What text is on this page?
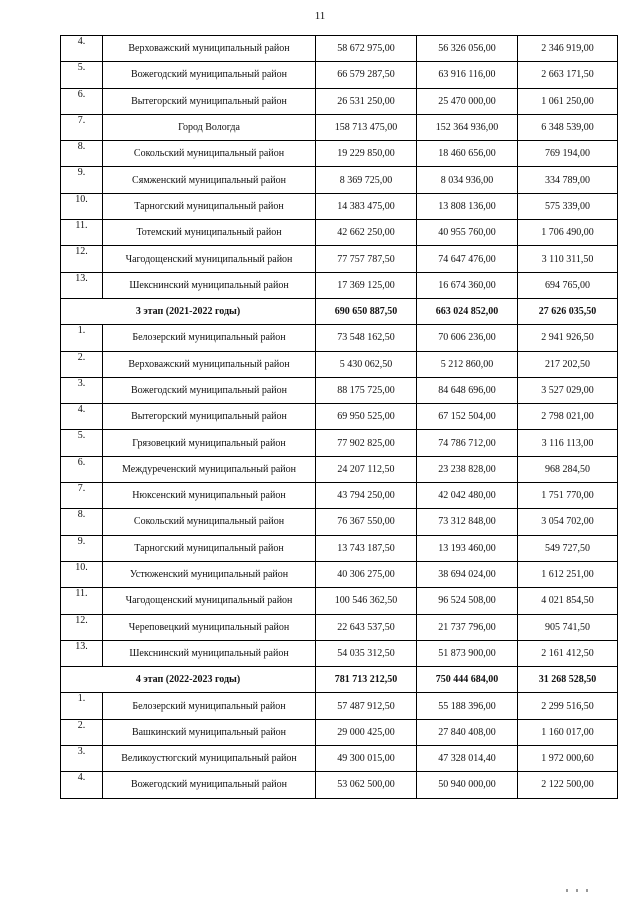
11
4.	Верховажский муниципальный район	58 672 975,00	56 326 056,00	2 346 919,00
5.	Вожегодский муниципальный район	66 579 287,50	63 916 116,00	2 663 171,50
6.	Вытегорский муниципальный район	26 531 250,00	25 470 000,00	1 061 250,00
7.	Город Вологда	158 713 475,00	152 364 936,00	6 348 539,00
8.	Сокольский муниципальный район	19 229 850,00	18 460 656,00	769 194,00
9.	Сямженский муниципальный район	8 369 725,00	8 034 936,00	334 789,00
10.	Тарногский муниципальный район	14 383 475,00	13 808 136,00	575 339,00
11.	Тотемский муниципальный район	42 662 250,00	40 955 760,00	1 706 490,00
12.	Чагодощенский муниципальный район	77 757 787,50	74 647 476,00	3 110 311,50
13.	Шекснинский муниципальный район	17 369 125,00	16 674 360,00	694 765,00
3 этап (2021-2022 годы)		690 650 887,50	663 024 852,00	27 626 035,50
1.	Белозерский муниципальный район	73 548 162,50	70 606 236,00	2 941 926,50
2.	Верховажский муниципальный район	5 430 062,50	5 212 860,00	217 202,50
3.	Вожегодский муниципальный район	88 175 725,00	84 648 696,00	3 527 029,00
4.	Вытегорский муниципальный район	69 950 525,00	67 152 504,00	2 798 021,00
5.	Грязовецкий муниципальный район	77 902 825,00	74 786 712,00	3 116 113,00
6.	Междуреченский муниципальный район	24 207 112,50	23 238 828,00	968 284,50
7.	Нюксенский муниципальный район	43 794 250,00	42 042 480,00	1 751 770,00
8.	Сокольский муниципальный район	76 367 550,00	73 312 848,00	3 054 702,00
9.	Тарногский муниципальный район	13 743 187,50	13 193 460,00	549 727,50
10.	Устюженский муниципальный район	40 306 275,00	38 694 024,00	1 612 251,00
11.	Чагодощенский муниципальный район	100 546 362,50	96 524 508,00	4 021 854,50
12.	Череповецкий муниципальный район	22 643 537,50	21 737 796,00	905 741,50
13.	Шекснинский муниципальный район	54 035 312,50	51 873 900,00	2 161 412,50
4 этап (2022-2023 годы)		781 713 212,50	750 444 684,00	31 268 528,50
1.	Белозерский муниципальный район	57 487 912,50	55 188 396,00	2 299 516,50
2.	Вашкинский муниципальный район	29 000 425,00	27 840 408,00	1 160 017,00
3.	Великоустюгский муниципальный район	49 300 015,00	47 328 014,40	1 972 000,60
4.	Вожегодский муниципальный район	53 062 500,00	50 940 000,00	2 122 500,00
